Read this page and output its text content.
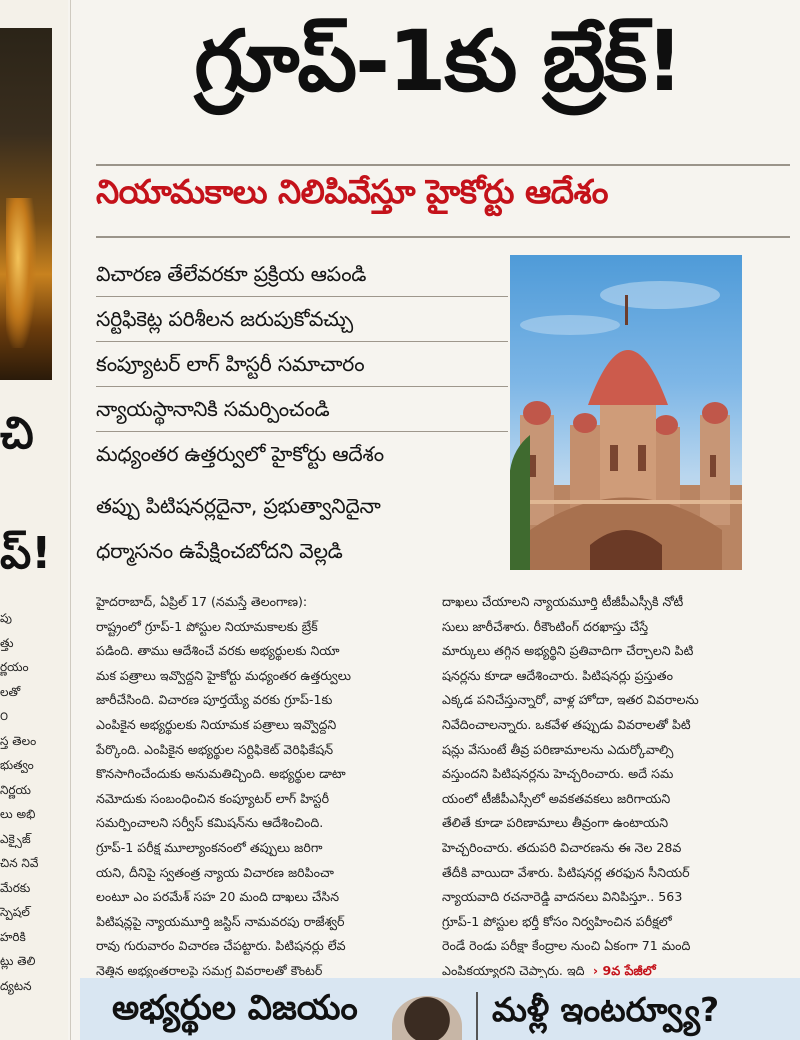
చి
ప్!
పు
త్తు
ర్ణయం
లతో
౦
స్త తెలం
భుత్వం
నిర్ణయ
లు అభి
ఎక్సైజ్
చిన నివే
మేరకు
స్పెషల్
హరికి
ట్లు తెలి
ద్యటన
గ్రూప్‌-1కు బ్రేక్‌!
నియామకాలు నిలిపివేస్తూ హైకోర్టు ఆదేశం
విచారణ తేలేవరకూ ప్రక్రియ ఆపండి
సర్టిఫికెట్ల పరిశీలన జరుపుకోవచ్చు
కంప్యూటర్‌ లాగ్‌ హిస్టరీ సమాచారం
న్యాయస్థానానికి సమర్పించండి
మధ్యంతర ఉత్తర్వులో హైకోర్టు ఆదేశం
తప్పు పిటిషనర్లదైనా, ప్రభుత్వానిదైనా
ధర్మాసనం ఉపేక్షించబోదని వెల్లడి
హైదరాబాద్‌, ఏప్రిల్‌ 17 (నమస్తే తెలంగాణ):
రాష్ట్రంలో గ్రూప్‌-1 పోస్టుల నియామకాలకు బ్రేక్‌
పడింది. తాము ఆదేశించే వరకు అభ్యర్థులకు నియా
మక పత్రాలు ఇవ్వొద్దని హైకోర్టు మధ్యంతర ఉత్తర్వులు
జారీచేసింది. విచారణ పూర్తయ్యే వరకు గ్రూప్‌-1కు
ఎంపికైన అభ్యర్థులకు నియామక పత్రాలు ఇవ్వొద్దని
పేర్కొంది. ఎంపికైన అభ్యర్థుల సర్టిఫికెట్‌ వెరిఫికేషన్‌
కొనసాగించేందుకు అనుమతిచ్చింది. అభ్యర్థుల డాటా
నమోదుకు సంబంధించిన కంప్యూటర్‌ లాగ్‌ హిస్టరీ
సమర్పించాలని సర్వీస్‌ కమిషన్‌ను ఆదేశించింది.
గ్రూప్‌-1 పరీక్ష మూల్యాంకనంలో తప్పులు జరిగా
యని, దీనిపై స్వతంత్ర న్యాయ విచారణ జరిపించా
లంటూ ఎం పరమేశ్‌ సహ 20 మంది దాఖలు చేసిన
పిటిషన్లపై న్యాయమూర్తి జస్టిస్‌ నామవరపు రాజేశ్వర్‌
రావు గురువారం విచారణ చేపట్టారు. పిటిషనర్లు లేవ
నెత్తిన అభ్యంతరాలపై సమగ్ర వివరాలతో కౌంటర్‌
దాఖలు చేయాలని న్యాయమూర్తి టీజీపీఎస్సీకి నోటీ
సులు జారీచేశారు. రీకౌంటింగ్‌ దరఖాస్తు చేస్తే
మార్కులు తగ్గిన అభ్యర్థిని ప్రతివాదిగా చేర్చాలని పిటి
షనర్లను కూడా ఆదేశించారు. పిటిషనర్లు ప్రస్తుతం
ఎక్కడ పనిచేస్తున్నారో, వాళ్ల హోదా, ఇతర వివరాలను
నివేదించాలన్నారు. ఒకవేళ తప్పుడు వివరాలతో పిటి
షన్లు వేసుంటే తీవ్ర పరిణామాలను ఎదుర్కోవాల్సి
వస్తుందని పిటిషనర్లను హెచ్చరించారు. అదే సమ
యంలో టీజీపీఎస్సీలో అవకతవకలు జరిగాయని
తేలితే కూడా పరిణామాలు తీవ్రంగా ఉంటాయని
హెచ్చరించారు. తదుపరి విచారణను ఈ నెల 28వ
తేదీకి వాయిదా వేశారు. పిటిషనర్ల తరఫున సీనియర్‌
న్యాయవాది రచనారెడ్డి వాదనలు వినిపిస్తూ.. 563
గ్రూప్‌-1 పోస్టుల భర్తీ కోసం నిర్వహించిన పరీక్షలో
రెండే రెండు పరీక్షా కేంద్రాల నుంచి ఏకంగా 71 మంది
ఎంపికయ్యారని చెప్పారు. ఇది  › 9వ పేజీలో
అభ్యర్థుల విజయం	మళ్లీ ఇంటర్వ్యూ?
